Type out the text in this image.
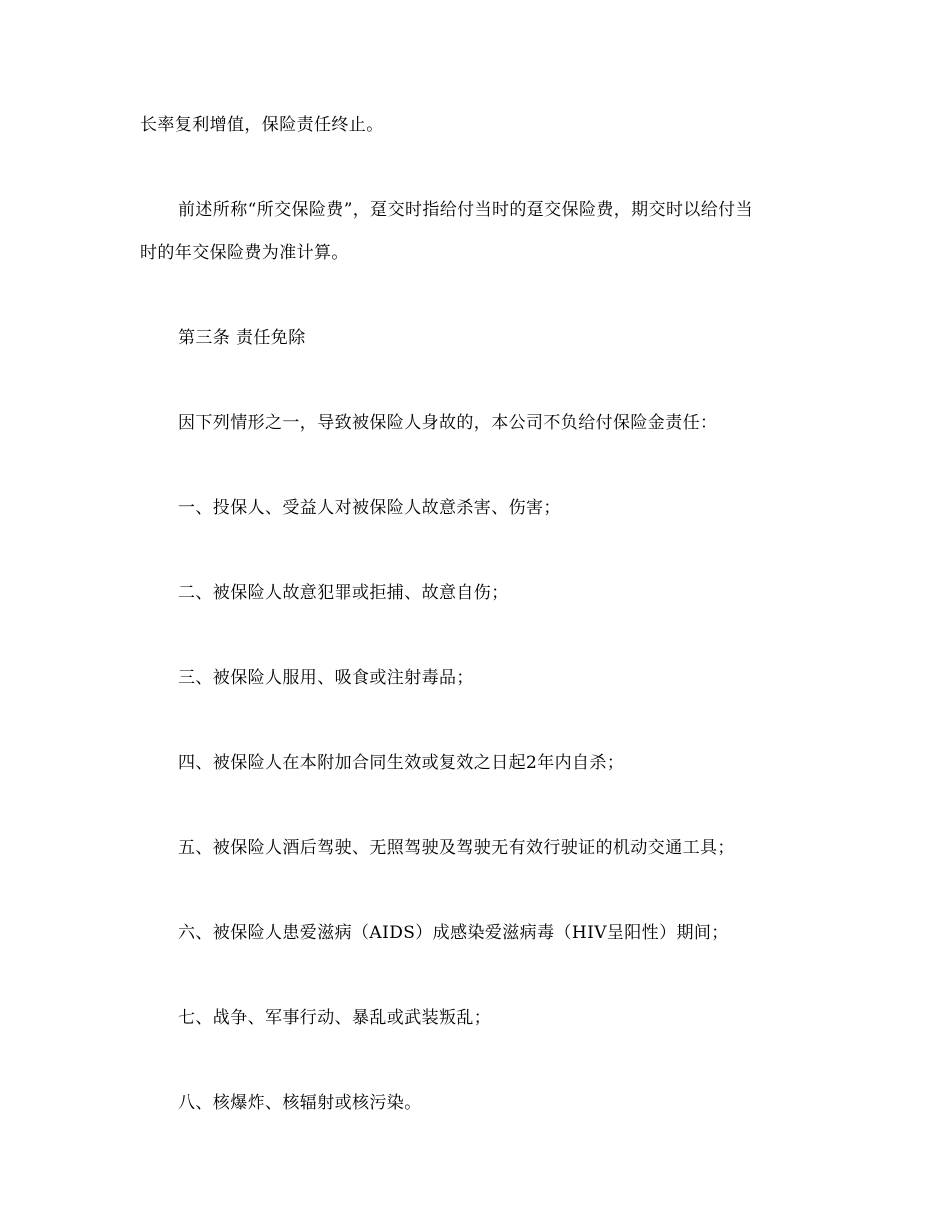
长率复利增值，保险责任终止。
前述所称“所交保险费”，趸交时指给付当时的趸交保险费，期交时以给付当
时的年交保险费为准计算。
第三条 责任免除
因下列情形之一，导致被保险人身故的，本公司不负给付保险金责任：
一、投保人、受益人对被保险人故意杀害、伤害；
二、被保险人故意犯罪或拒捕、故意自伤；
三、被保险人服用、吸食或注射毒品；
四、被保险人在本附加合同生效或复效之日起2年内自杀；
五、被保险人酒后驾驶、无照驾驶及驾驶无有效行驶证的机动交通工具；
六、被保险人患爱滋病（AIDS）成感染爱滋病毒（HIV呈阳性）期间；
七、战争、军事行动、暴乱或武装叛乱；
八、核爆炸、核辐射或核污染。
